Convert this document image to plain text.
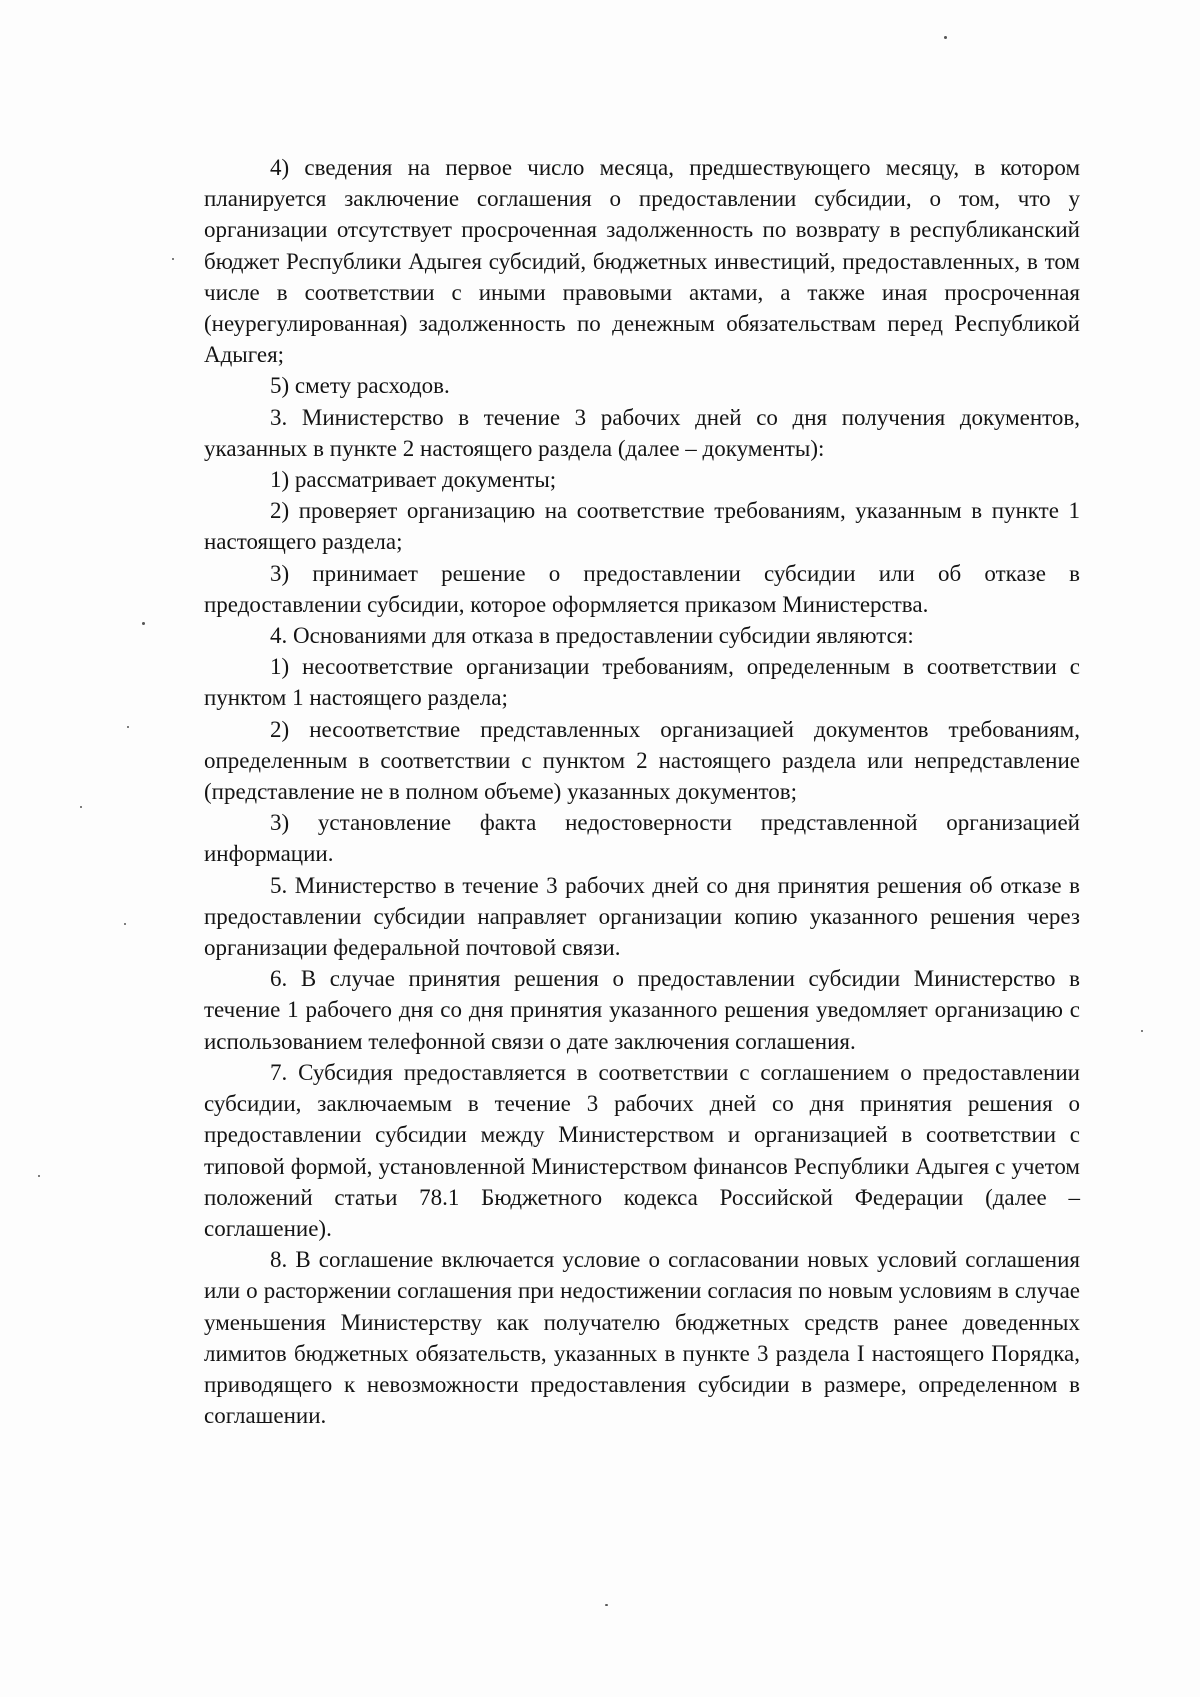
4) сведения на первое число месяца, предшествующего месяцу, в котором планируется заключение соглашения о предоставлении субсидии, о том, что у организации отсутствует просроченная задолженность по возврату в республиканский бюджет Республики Адыгея субсидий, бюджетных инвестиций, предоставленных, в том числе в соответствии с иными правовыми актами, а также иная просроченная (неурегулированная) задолженность по денежным обязательствам перед Республикой Адыгея;

5) смету расходов.

3. Министерство в течение 3 рабочих дней со дня получения документов, указанных в пункте 2 настоящего раздела (далее – документы):

1) рассматривает документы;

2) проверяет организацию на соответствие требованиям, указанным в пункте 1 настоящего раздела;

3) принимает решение о предоставлении субсидии или об отказе в предоставлении субсидии, которое оформляется приказом Министерства.

4. Основаниями для отказа в предоставлении субсидии являются:

1) несоответствие организации требованиям, определенным в соответствии с пунктом 1 настоящего раздела;

2) несоответствие представленных организацией документов требованиям, определенным в соответствии с пунктом 2 настоящего раздела или непредставление (представление не в полном объеме) указанных документов;

3) установление факта недостоверности представленной организацией информации.

5. Министерство в течение 3 рабочих дней со дня принятия решения об отказе в предоставлении субсидии направляет организации копию указанного решения через организации федеральной почтовой связи.

6. В случае принятия решения о предоставлении субсидии Министерство в течение 1 рабочего дня со дня принятия указанного решения уведомляет организацию с использованием телефонной связи о дате заключения соглашения.

7. Субсидия предоставляется в соответствии с соглашением о предоставлении субсидии, заключаемым в течение 3 рабочих дней со дня принятия решения о предоставлении субсидии между Министерством и организацией в соответствии с типовой формой, установленной Министерством финансов Республики Адыгея с учетом положений статьи 78.1 Бюджетного кодекса Российской Федерации (далее – соглашение).

8. В соглашение включается условие о согласовании новых условий соглашения или о расторжении соглашения при недостижении согласия по новым условиям в случае уменьшения Министерству как получателю бюджетных средств ранее доведенных лимитов бюджетных обязательств, указанных в пункте 3 раздела I настоящего Порядка, приводящего к невозможности предоставления субсидии в размере, определенном в соглашении.
